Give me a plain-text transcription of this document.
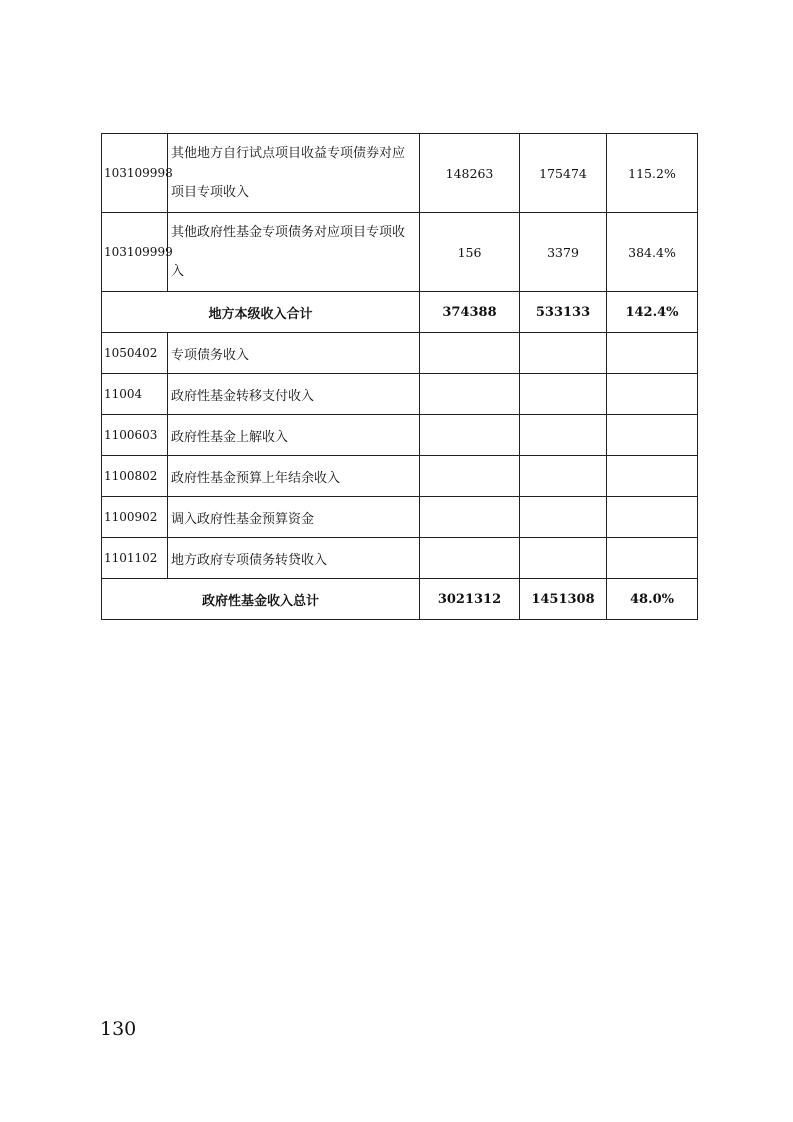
103109998	其他地方自行试点项目收益专项债券对应项目专项收入	148263	175474	115.2%
103109999	其他政府性基金专项债务对应项目专项收入	156	3379	384.4%
地方本级收入合计		374388	533133	142.4%
1050402	专项债务收入			
11004	政府性基金转移支付收入			
1100603	政府性基金上解收入			
1100802	政府性基金预算上年结余收入			
1100902	调入政府性基金预算资金			
1101102	地方政府专项债务转贷收入			
政府性基金收入总计		3021312	1451308	48.0%
130
